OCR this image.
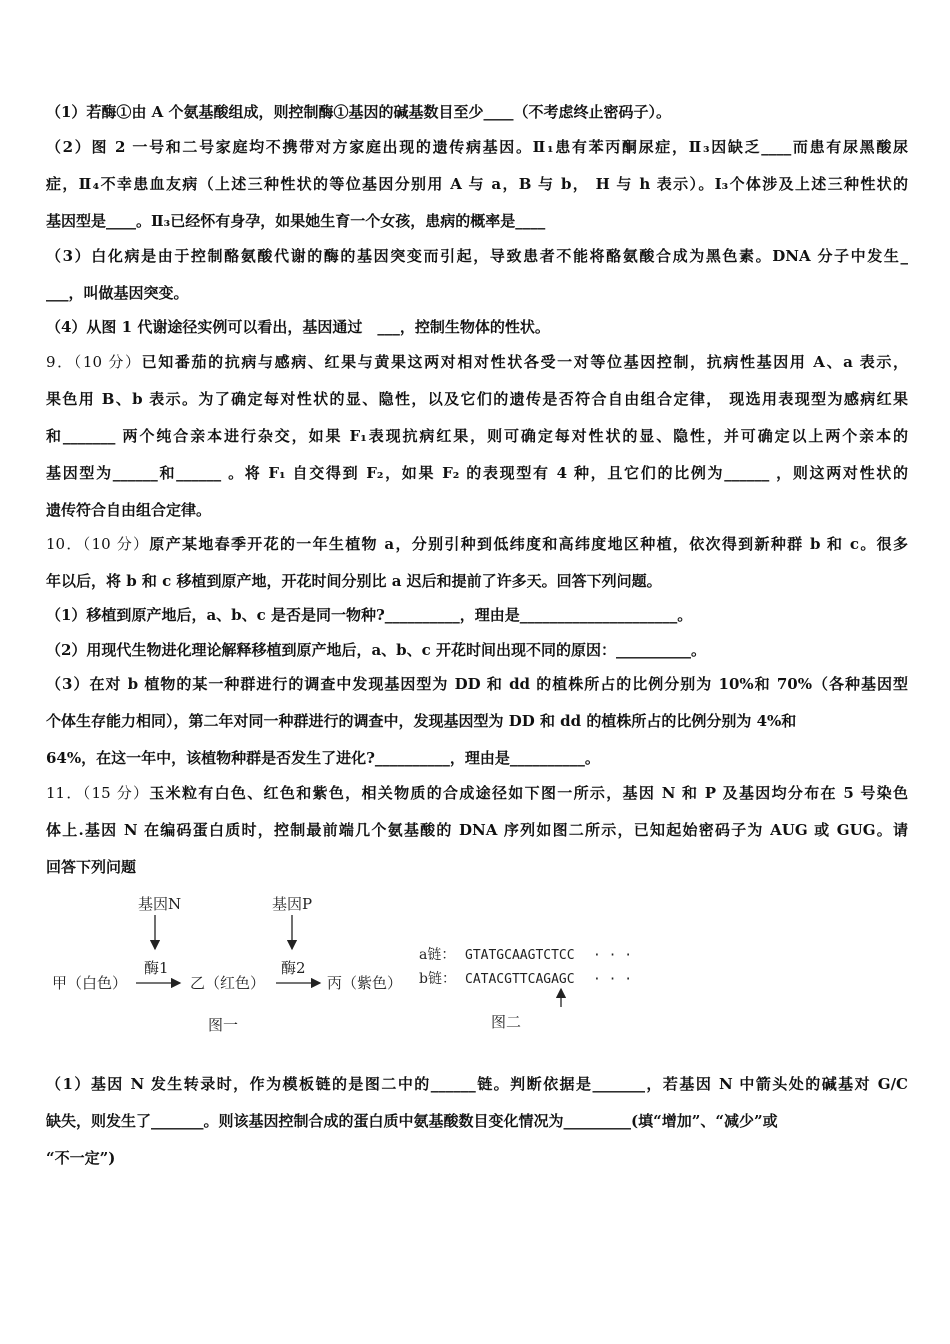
（1）若酶①由 A 个氨基酸组成，则控制酶①基因的碱基数目至少____（不考虑终止密码子）。
（2）图 2 一号和二号家庭均不携带对方家庭出现的遗传病基因。Ⅱ₁患有苯丙酮尿症，Ⅱ₃因缺乏____而患有尿黑酸尿
症，Ⅱ₄不幸患血友病（上述三种性状的等位基因分别用 A 与 a，B 与 b， H 与 h 表示）。I₃个体涉及上述三种性状的
基因型是____。Ⅱ₃已经怀有身孕，如果她生育一个女孩，患病的概率是____
（3）白化病是由于控制酪氨酸代谢的酶的基因突变而引起，导致患者不能将酪氨酸合成为黑色素。DNA 分子中发生_
___，叫做基因突变。
（4）从图 1 代谢途径实例可以看出，基因通过　___，控制生物体的性状。
9．（10 分）已知番茄的抗病与感病、红果与黄果这两对相对性状各受一对等位基因控制，抗病性基因用 A、a 表示，
果色用 B、b 表示。为了确定每对性状的显、隐性，以及它们的遗传是否符合自由组合定律， 现选用表现型为感病红果
和_______ 两个纯合亲本进行杂交，如果 F₁表现抗病红果，则可确定每对性状的显、隐性，并可确定以上两个亲本的
基因型为______和______ 。将 F₁ 自交得到 F₂，如果 F₂ 的表现型有 4 种，且它们的比例为______ ，则这两对性状的
遗传符合自由组合定律。
10．（10 分）原产某地春季开花的一年生植物 a，分别引种到低纬度和高纬度地区种植，依次得到新种群 b 和 c。很多
年以后，将 b 和 c 移植到原产地，开花时间分别比 a 迟后和提前了许多天。回答下列问题。
（1）移植到原产地后，a、b、c 是否是同一物种?__________，理由是_____________________。
（2）用现代生物进化理论解释移植到原产地后，a、b、c 开花时间出现不同的原因：__________。
（3）在对 b 植物的某一种群进行的调查中发现基因型为 DD 和 dd 的植株所占的比例分别为 10%和 70%（各种基因型
个体生存能力相同），第二年对同一种群进行的调查中，发现基因型为 DD 和 dd 的植株所占的比例分别为 4%和
64%，在这一年中，该植物种群是否发生了进化?__________，理由是__________。
11．（15 分）玉米粒有白色、红色和紫色，相关物质的合成途径如下图一所示，基因 N 和 P 及基因均分布在 5 号染色
体上.基因 N 在编码蛋白质时，控制最前端几个氨基酸的 DNA 序列如图二所示，已知起始密码子为 AUG 或 GUG。请
回答下列问题
基因N	基因P
酶1	酶2
甲（白色）	乙（红色）	丙（紫色）
图一
a链： GTATGCAAGTCTCC · · ·
b链： CATACGTTCAGAGC · · ·
图二
（1）基因 N 发生转录时，作为模板链的是图二中的______链。判断依据是_______，若基因 N 中箭头处的碱基对 G/C
缺失，则发生了_______。则该基因控制合成的蛋白质中氨基酸数目变化情况为_________(填“增加”、“减少”或
“不一定”)
